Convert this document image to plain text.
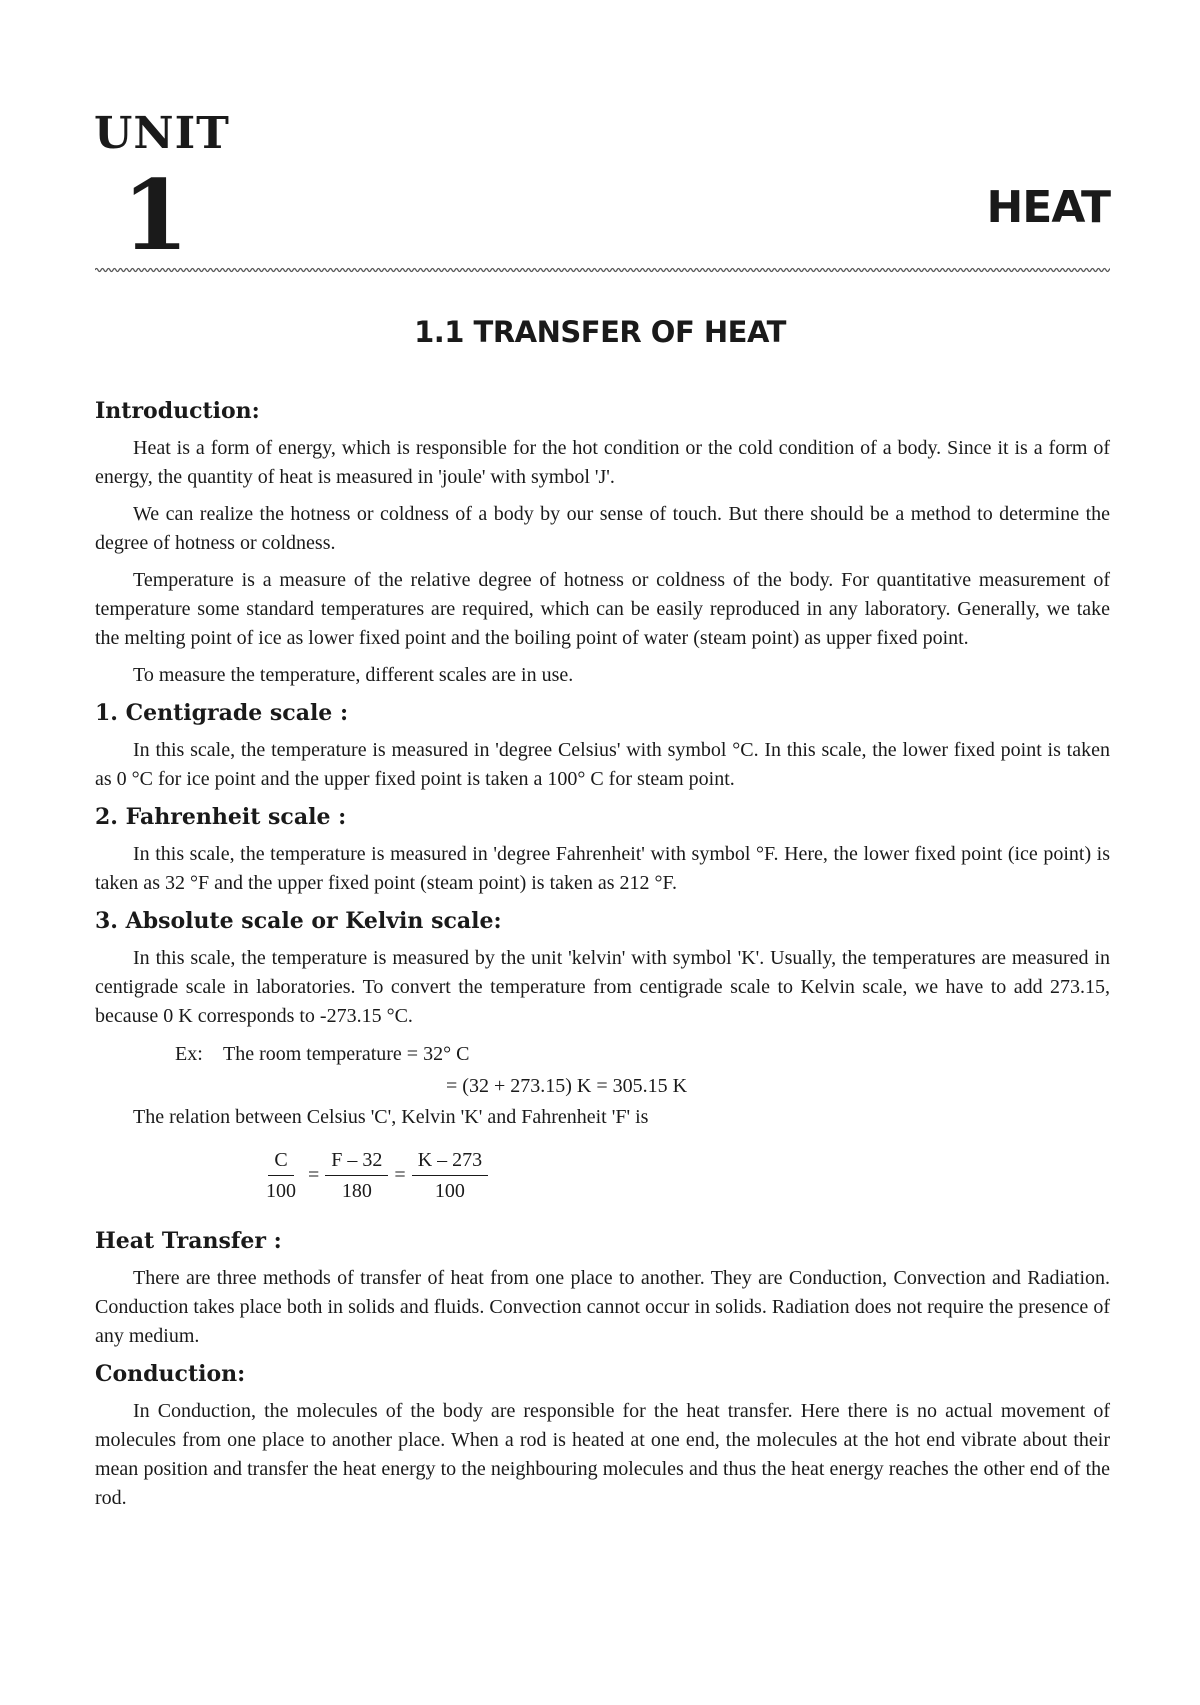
UNIT
1	HEAT
1.1 TRANSFER OF HEAT
Introduction:

Heat is a form of energy, which is responsible for the hot condition or the cold condition of a body. Since it is a form of energy, the quantity of heat is measured in 'joule' with symbol 'J'.

We can realize the hotness or coldness of a body by our sense of touch. But there should be a method to determine the degree of hotness or coldness.

Temperature is a measure of the relative degree of hotness or coldness of the body. For quantitative measurement of temperature some standard temperatures are required, which can be easily reproduced in any laboratory. Generally, we take the melting point of ice as lower fixed point and the boiling point of water (steam point) as upper fixed point.

To measure the temperature, different scales are in use.

1. Centigrade scale :

In this scale, the temperature is measured in 'degree Celsius' with symbol °C. In this scale, the lower fixed point is taken as 0 °C for ice point and the upper fixed point is taken a 100° C for steam point.

2. Fahrenheit scale :

In this scale, the temperature is measured in 'degree Fahrenheit' with symbol °F. Here, the lower fixed point (ice point) is taken as 32 °F and the upper fixed point (steam point) is taken as 212 °F.

3. Absolute scale or Kelvin scale:

In this scale, the temperature is measured by the unit 'kelvin' with symbol 'K'. Usually, the temperatures are measured in centigrade scale in laboratories. To convert the temperature from centigrade scale to Kelvin scale, we have to add 273.15, because 0 K corresponds to -273.15 °C.

Ex:	The room temperature = 32° C
= (32 + 273.15) K = 305.15 K

The relation between Celsius 'C', Kelvin 'K' and Fahrenheit 'F' is

$\frac{C}{100} = \frac{F - 32}{180} = \frac{K - 273}{100}$
Heat Transfer :

There are three methods of transfer of heat from one place to another. They are Conduction, Convection and Radiation. Conduction takes place both in solids and fluids. Convection cannot occur in solids. Radiation does not require the presence of any medium.

Conduction:

In Conduction, the molecules of the body are responsible for the heat transfer. Here there is no actual movement of molecules from one place to another place. When a rod is heated at one end, the molecules at the hot end vibrate about their mean position and transfer the heat energy to the neighbouring molecules and thus the heat energy reaches the other end of the rod.
